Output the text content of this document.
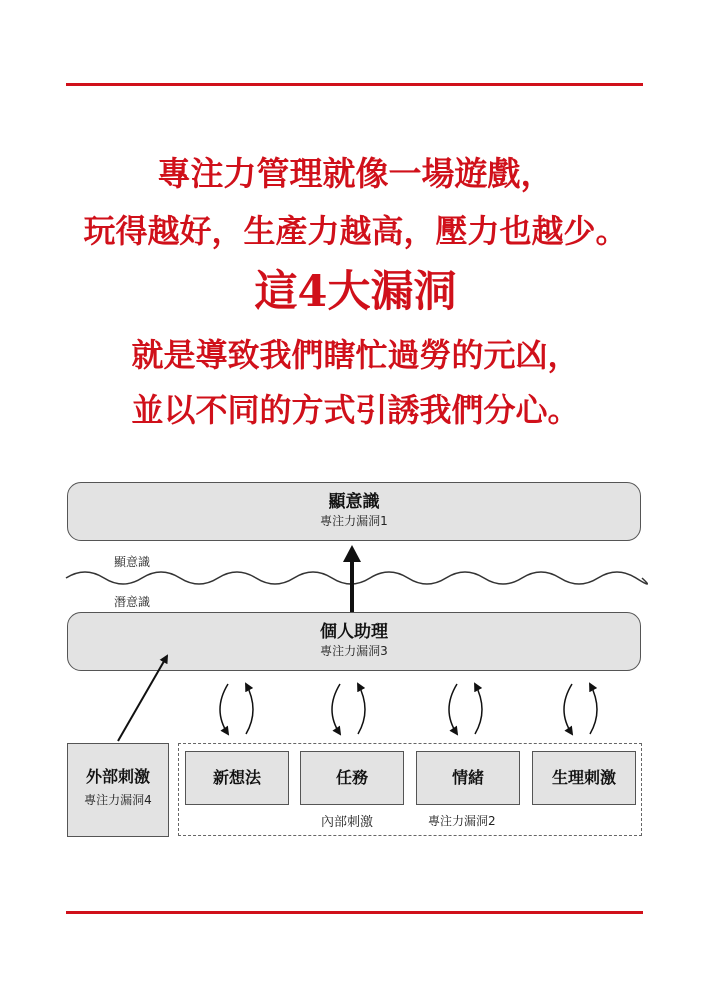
專注力管理就像一場遊戲，
玩得越好，生產力越高，壓力也越少。
這4大漏洞
就是導致我們瞎忙過勞的元凶，
並以不同的方式引誘我們分心。
顯意識
專注力漏洞1
顯意識
潛意識
個人助理
專注力漏洞3
外部刺激
專注力漏洞4
新想法	任務	情緒	生理刺激
內部刺激	專注力漏洞2
